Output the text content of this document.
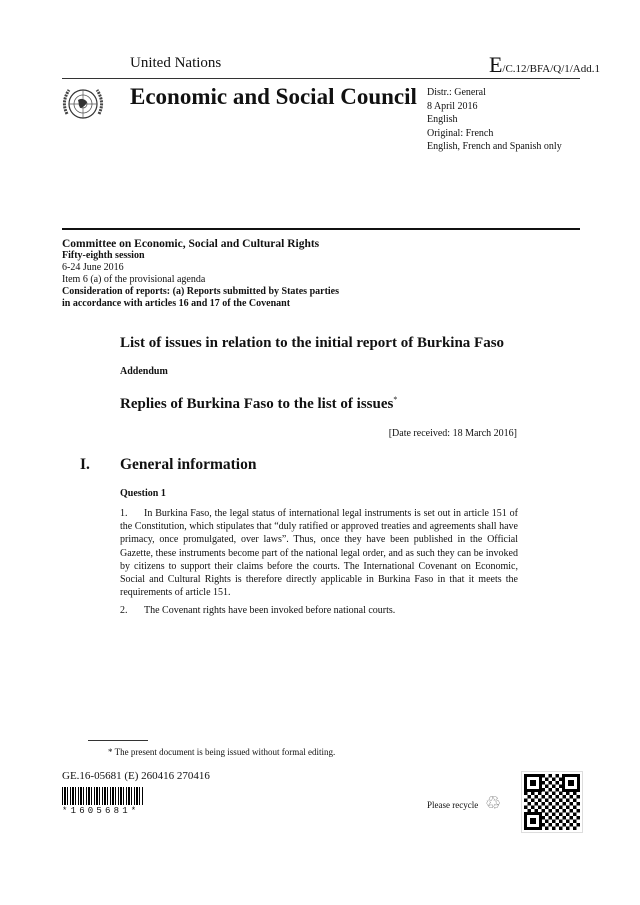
United Nations	E/C.12/BFA/Q/1/Add.1
Economic and Social Council Distr.: General
8 April 2016
English
Original: French
English, French and Spanish only
Committee on Economic, Social and Cultural Rights
Fifty-eighth session
6-24 June 2016
Item 6 (a) of the provisional agenda
Consideration of reports: (a) Reports submitted by States parties
in accordance with articles 16 and 17 of the Covenant
List of issues in relation to the initial report of Burkina Faso
Addendum
Replies of Burkina Faso to the list of issues*
[Date received: 18 March 2016]
I. General information
Question 1
1. In Burkina Faso, the legal status of international legal instruments is set out in article 151 of the Constitution, which stipulates that “duly ratified or approved treaties and agreements shall have primacy, once promulgated, over laws”. Thus, once they have been published in the Official Gazette, these instruments become part of the national legal order, and as such they can be invoked by citizens to support their claims before the courts. The International Covenant on Economic, Social and Cultural Rights is therefore directly applicable in Burkina Faso in that it meets the requirements of article 151.
2. The Covenant rights have been invoked before national courts.
* The present document is being issued without formal editing.
GE.16-05681 (E) 260416 270416
*1605681*
Please recycle ♲
